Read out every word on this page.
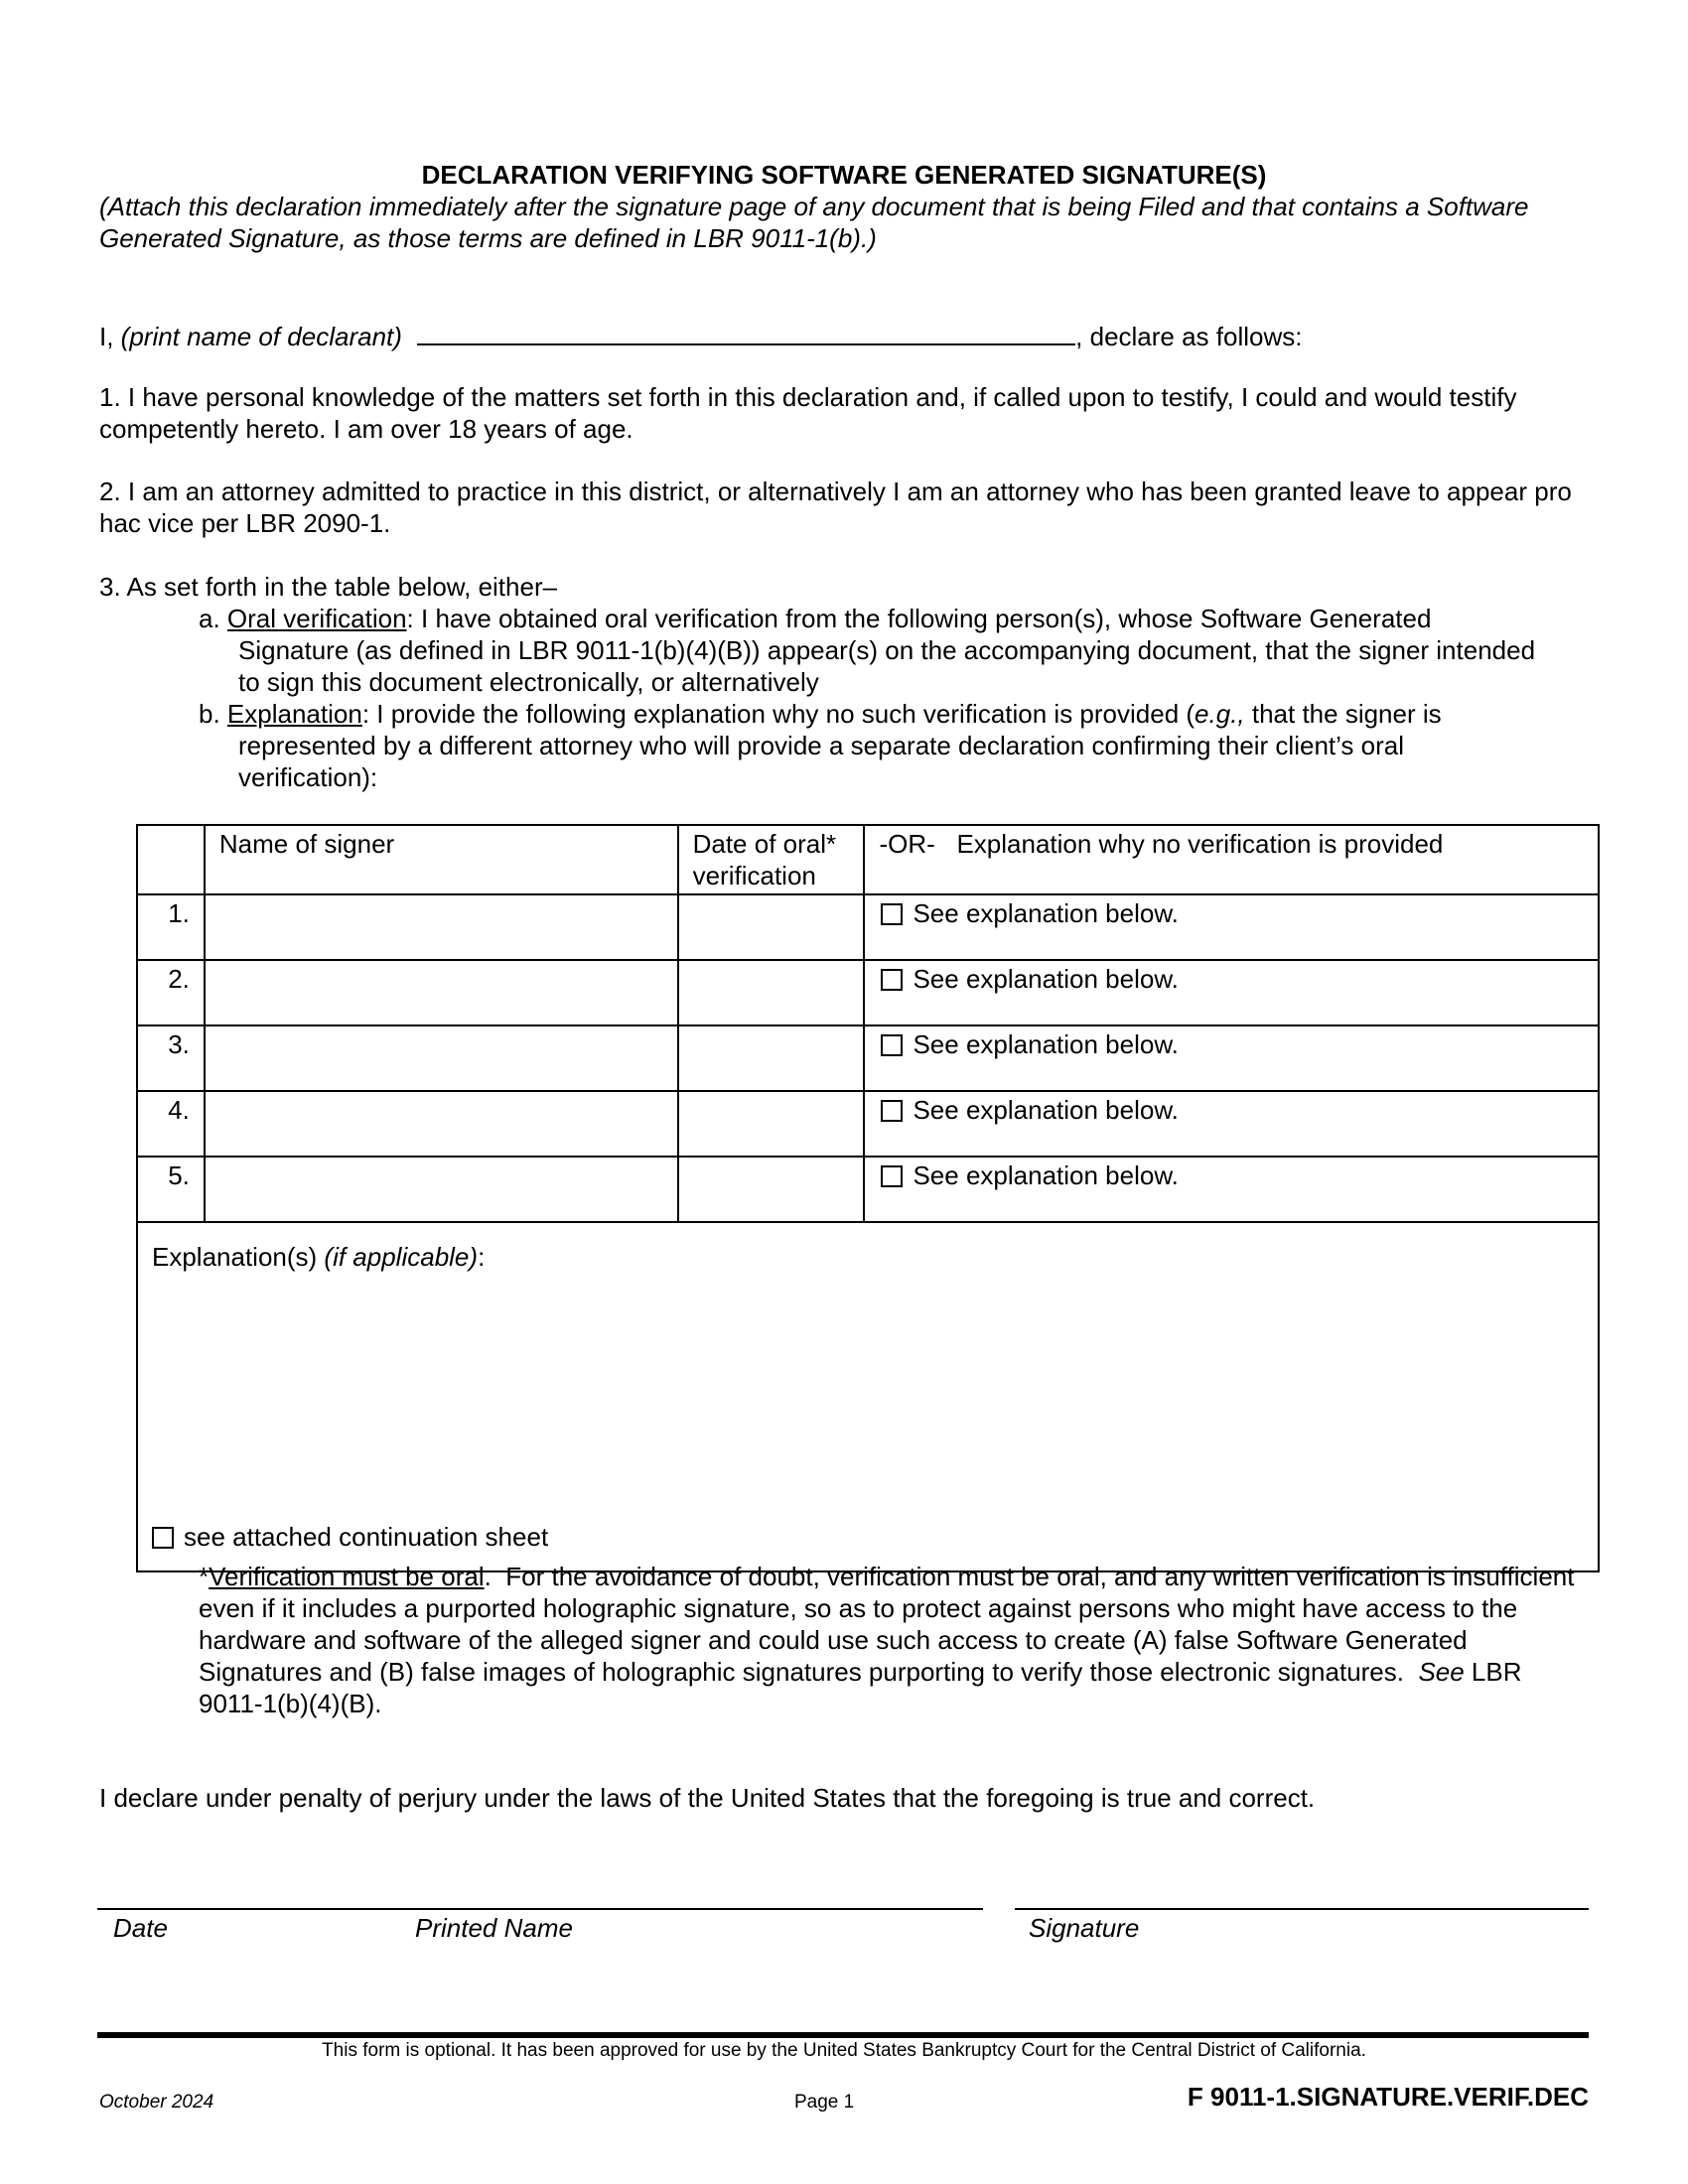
DECLARATION VERIFYING SOFTWARE GENERATED SIGNATURE(S)
(Attach this declaration immediately after the signature page of any document that is being Filed and that contains a Software Generated Signature, as those terms are defined in LBR 9011-1(b).)
I, (print name of declarant)	, declare as follows:
1. I have personal knowledge of the matters set forth in this declaration and, if called upon to testify, I could and would testify competently hereto. I am over 18 years of age.
2. I am an attorney admitted to practice in this district, or alternatively I am an attorney who has been granted leave to appear pro hac vice per LBR 2090-1.
3. As set forth in the table below, either–
a. Oral verification: I have obtained oral verification from the following person(s), whose Software Generated
Signature (as defined in LBR 9011-1(b)(4)(B)) appear(s) on the accompanying document, that the signer intended to sign this document electronically, or alternatively
b. Explanation: I provide the following explanation why no such verification is provided (e.g., that the signer is
represented by a different attorney who will provide a separate declaration confirming their client’s oral verification):
	Name of signer	Date of oral* verification	-OR-   Explanation why no verification is provided
1.			See explanation below.
2.			See explanation below.
3.			See explanation below.
4.			See explanation below.
5.			See explanation below.

Explanation(s) (if applicable):
see attached continuation sheet			
*Verification must be oral.  For the avoidance of doubt, verification must be oral, and any written verification is insufficient even if it includes a purported holographic signature, so as to protect against persons who might have access to the hardware and software of the alleged signer and could use such access to create (A) false Software Generated Signatures and (B) false images of holographic signatures purporting to verify those electronic signatures.  See LBR 9011-1(b)(4)(B).
I declare under penalty of perjury under the laws of the United States that the foregoing is true and correct.
Date	Printed Name	Signature
This form is optional. It has been approved for use by the United States Bankruptcy Court for the Central District of California.
October 2024	Page 1	F 9011-1.SIGNATURE.VERIF.DEC
